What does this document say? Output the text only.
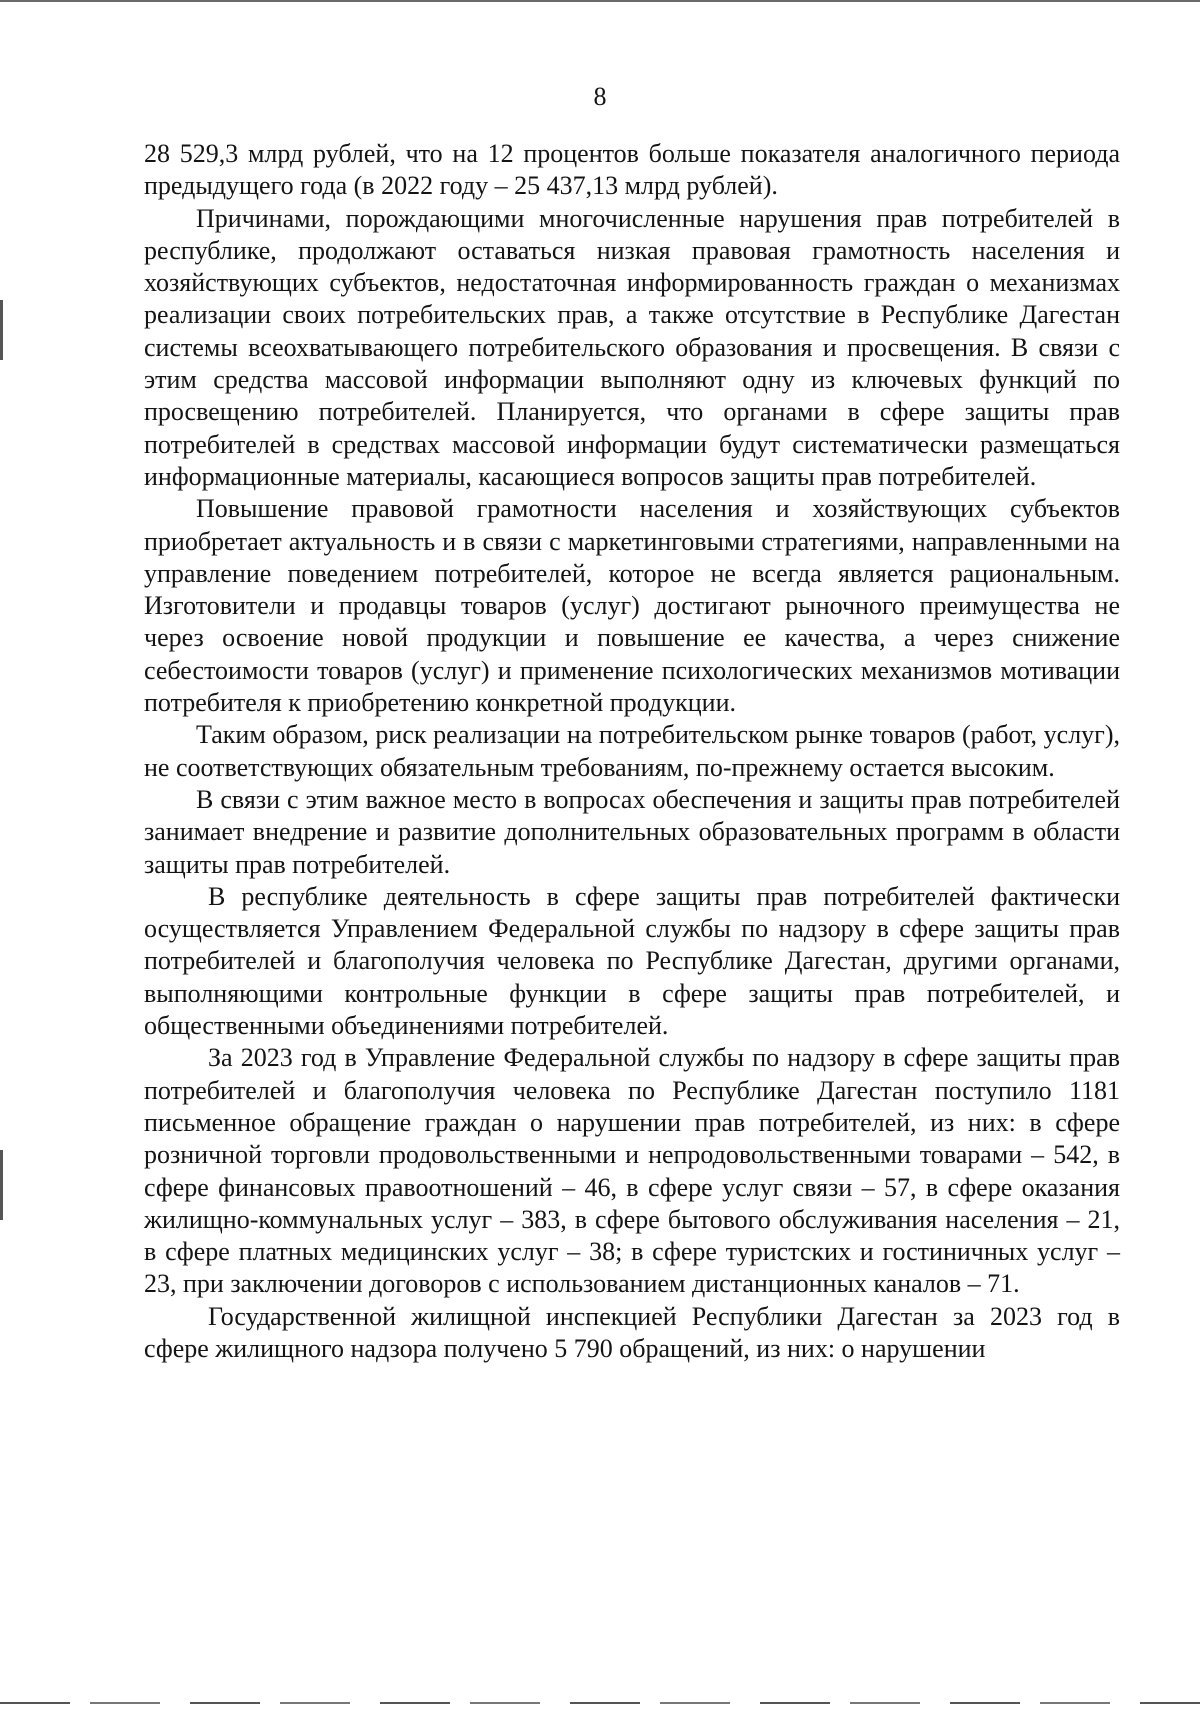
8

28 529,3 млрд рублей, что на 12 процентов больше показателя аналогичного периода предыдущего года (в 2022 году – 25 437,13 млрд рублей).

Причинами, порождающими многочисленные нарушения прав потребителей в республике, продолжают оставаться низкая правовая грамотность населения и хозяйствующих субъектов, недостаточная информированность граждан о механизмах реализации своих потребительских прав, а также отсутствие в Республике Дагестан системы всеохватывающего потребительского образования и просвещения. В связи с этим средства массовой информации выполняют одну из ключевых функций по просвещению потребителей. Планируется, что органами в сфере защиты прав потребителей в средствах массовой информации будут систематически размещаться информационные материалы, касающиеся вопросов защиты прав потребителей.

Повышение правовой грамотности населения и хозяйствующих субъектов приобретает актуальность и в связи с маркетинговыми стратегиями, направленными на управление поведением потребителей, которое не всегда является рациональным. Изготовители и продавцы товаров (услуг) достигают рыночного преимущества не через освоение новой продукции и повышение ее качества, а через снижение себестоимости товаров (услуг) и применение психологических механизмов мотивации потребителя к приобретению конкретной продукции.

Таким образом, риск реализации на потребительском рынке товаров (работ, услуг), не соответствующих обязательным требованиям, по-прежнему остается высоким.

В связи с этим важное место в вопросах обеспечения и защиты прав потребителей занимает внедрение и развитие дополнительных образовательных программ в области защиты прав потребителей.

В республике деятельность в сфере защиты прав потребителей фактически осуществляется Управлением Федеральной службы по надзору в сфере защиты прав потребителей и благополучия человека по Республике Дагестан, другими органами, выполняющими контрольные функции в сфере защиты прав потребителей, и общественными объединениями потребителей.

За 2023 год в Управление Федеральной службы по надзору в сфере защиты прав потребителей и благополучия человека по Республике Дагестан поступило 1181 письменное обращение граждан о нарушении прав потребителей, из них: в сфере розничной торговли продовольственными и непродовольственными товарами – 542, в сфере финансовых правоотношений – 46, в сфере услуг связи – 57, в сфере оказания жилищно-коммунальных услуг – 383, в сфере бытового обслуживания населения – 21, в сфере платных медицинских услуг – 38; в сфере туристских и гостиничных услуг – 23, при заключении договоров с использованием дистанционных каналов – 71.

Государственной жилищной инспекцией Республики Дагестан за 2023 год в сфере жилищного надзора получено 5 790 обращений, из них: о нарушении
